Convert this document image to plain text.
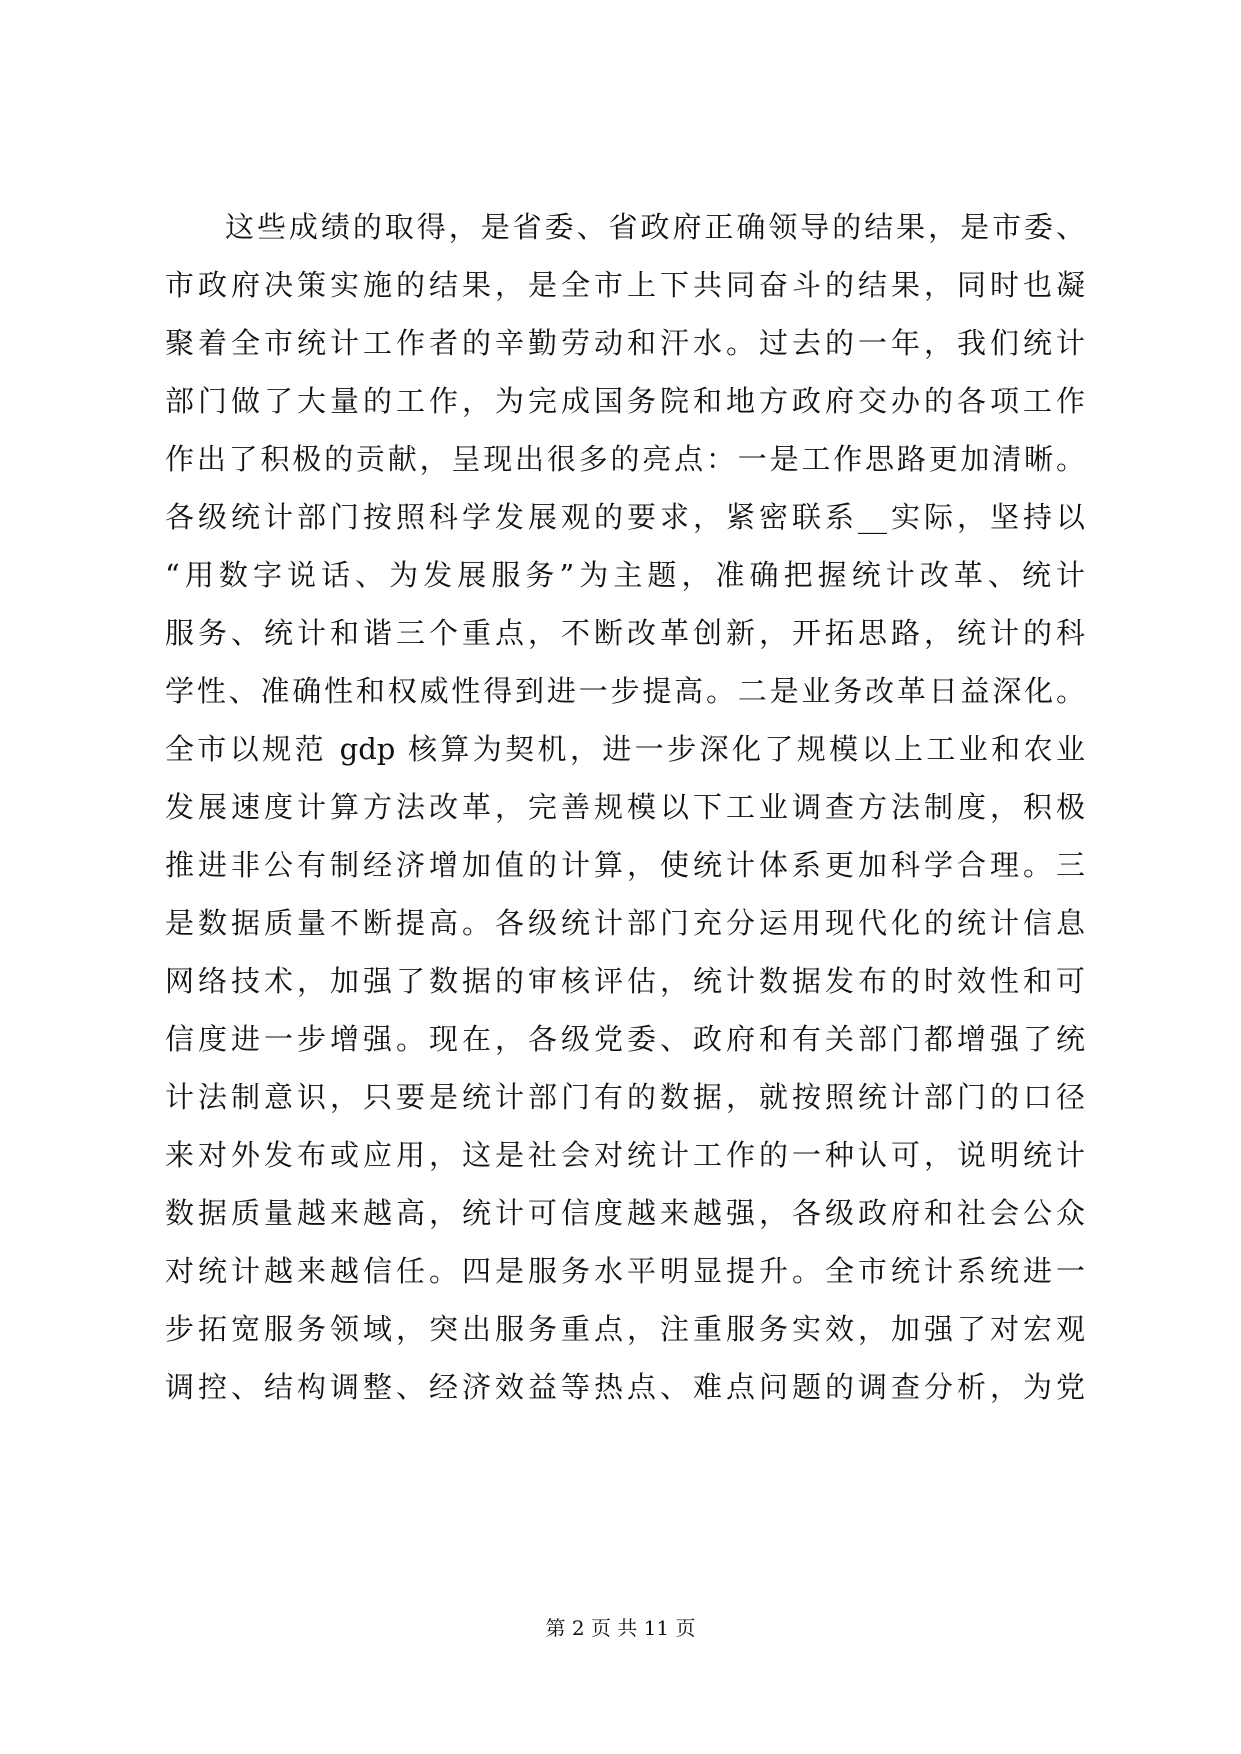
这些成绩的取得，是省委、省政府正确领导的结果，是市委、
市政府决策实施的结果，是全市上下共同奋斗的结果，同时也凝
聚着全市统计工作者的辛勤劳动和汗水。过去的一年，我们统计
部门做了大量的工作，为完成国务院和地方政府交办的各项工作
作出了积极的贡献，呈现出很多的亮点：一是工作思路更加清晰。
各级统计部门按照科学发展观的要求，紧密联系__实际，坚持以
“用数字说话、为发展服务”为主题，准确把握统计改革、统计
服务、统计和谐三个重点，不断改革创新，开拓思路，统计的科
学性、准确性和权威性得到进一步提高。二是业务改革日益深化。
全市以规范 gdp 核算为契机，进一步深化了规模以上工业和农业
发展速度计算方法改革，完善规模以下工业调查方法制度，积极
推进非公有制经济增加值的计算，使统计体系更加科学合理。三
是数据质量不断提高。各级统计部门充分运用现代化的统计信息
网络技术，加强了数据的审核评估，统计数据发布的时效性和可
信度进一步增强。现在，各级党委、政府和有关部门都增强了统
计法制意识，只要是统计部门有的数据，就按照统计部门的口径
来对外发布或应用，这是社会对统计工作的一种认可，说明统计
数据质量越来越高，统计可信度越来越强，各级政府和社会公众
对统计越来越信任。四是服务水平明显提升。全市统计系统进一
步拓宽服务领域，突出服务重点，注重服务实效，加强了对宏观
调控、结构调整、经济效益等热点、难点问题的调查分析，为党
第 2 页 共 11 页
